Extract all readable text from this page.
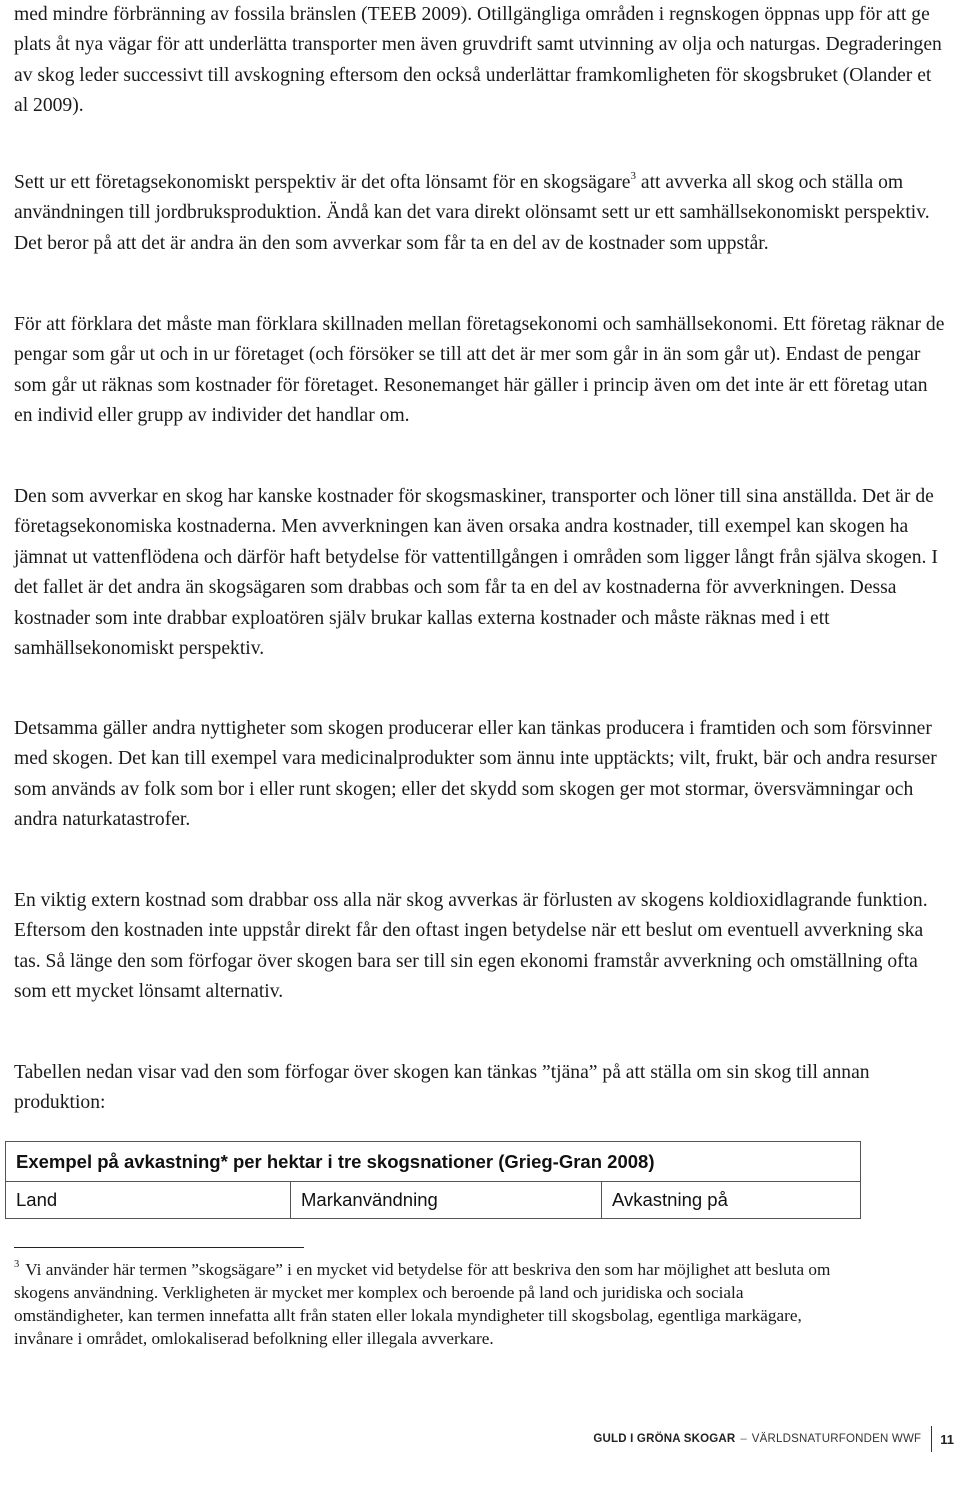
med mindre förbränning av fossila bränslen (TEEB 2009). Otillgängliga områden i regnskogen öppnas upp för att ge plats åt nya vägar för att underlätta transporter men även gruvdrift samt utvinning av olja och naturgas. Degraderingen av skog leder successivt till avskogning eftersom den också underlättar framkomligheten för skogsbruket (Olander et al 2009).

Sett ur ett företagsekonomiskt perspektiv är det ofta lönsamt för en skogsägare$^3$ att avverka all skog och ställa om användningen till jordbruksproduktion. Ändå kan det vara direkt olönsamt sett ur ett samhällsekonomiskt perspektiv. Det beror på att det är andra än den som avverkar som får ta en del av de kostnader som uppstår.

För att förklara det måste man förklara skillnaden mellan företagsekonomi och samhällsekonomi. Ett företag räknar de pengar som går ut och in ur företaget (och försöker se till att det är mer som går in än som går ut). Endast de pengar som går ut räknas som kostnader för företaget. Resonemanget här gäller i princip även om det inte är ett företag utan en individ eller grupp av individer det handlar om.

Den som avverkar en skog har kanske kostnader för skogsmaskiner, transporter och löner till sina anställda. Det är de företagsekonomiska kostnaderna. Men avverkningen kan även orsaka andra kostnader, till exempel kan skogen ha jämnat ut vattenflödena och därför haft betydelse för vattentillgången i områden som ligger långt från själva skogen. I det fallet är det andra än skogsägaren som drabbas och som får ta en del av kostnaderna för avverkningen. Dessa kostnader som inte drabbar exploatören själv brukar kallas externa kostnader och måste räknas med i ett samhällsekonomiskt perspektiv.

Detsamma gäller andra nyttigheter som skogen producerar eller kan tänkas producera i framtiden och som försvinner med skogen. Det kan till exempel vara medicinalprodukter som ännu inte upptäckts; vilt, frukt, bär och andra resurser som används av folk som bor i eller runt skogen; eller det skydd som skogen ger mot stormar, översvämningar och andra naturkatastrofer.

En viktig extern kostnad som drabbar oss alla när skog avverkas är förlusten av skogens koldioxidlagrande funktion. Eftersom den kostnaden inte uppstår direkt får den oftast ingen betydelse när ett beslut om eventuell avverkning ska tas. Så länge den som förfogar över skogen bara ser till sin egen ekonomi framstår avverkning och omställning ofta som ett mycket lönsamt alternativ.

Tabellen nedan visar vad den som förfogar över skogen kan tänkas ”tjäna” på att ställa om sin skog till annan produktion:

Exempel på avkastning* per hektar i tre skogsnationer (Grieg-Gran 2008)
Land	Markanvändning	Avkastning på

$^3$ Vi använder här termen ”skogsägare” i en mycket vid betydelse för att beskriva den som har möjlighet att besluta om skogens användning. Verkligheten är mycket mer komplex och beroende på land och juridiska och sociala omständigheter, kan termen innefatta allt från staten eller lokala myndigheter till skogsbolag, egentliga markägare, invånare i området, omlokaliserad befolkning eller illegala avverkare.

GULD I GRÖNA SKOGAR – VÄRLDSNATURFONDEN WWF 11
